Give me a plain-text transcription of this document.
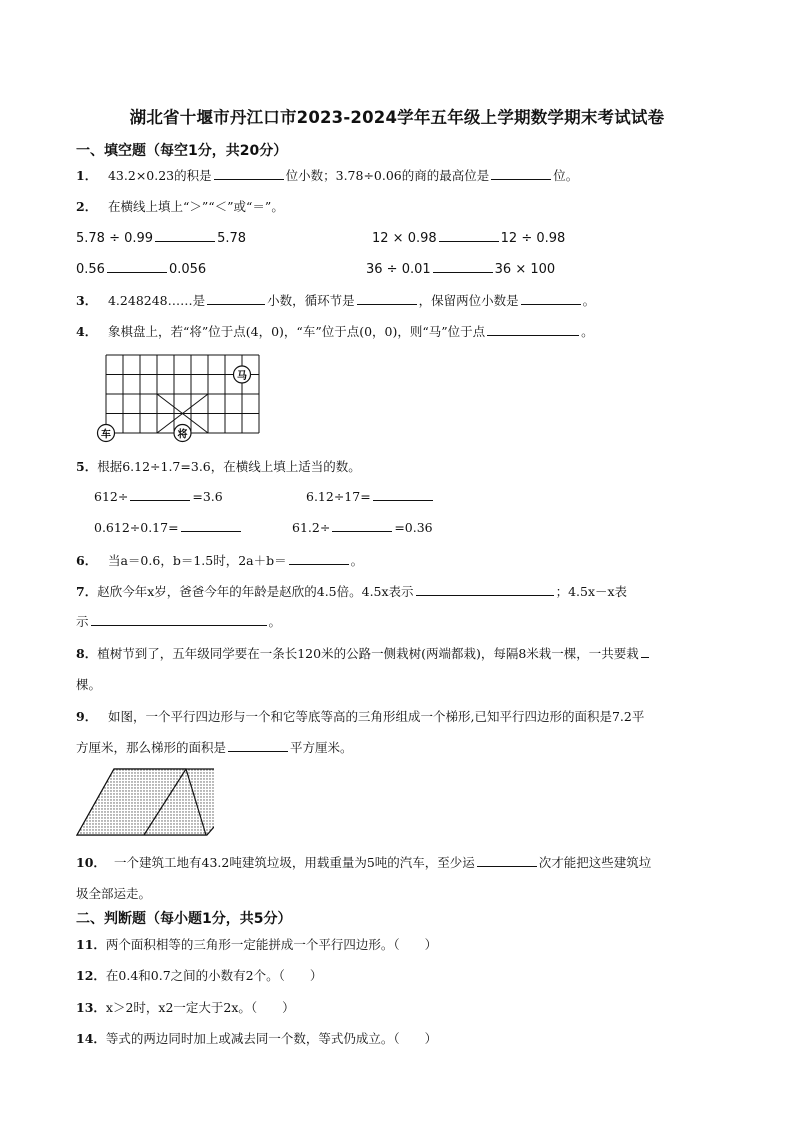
湖北省十堰市丹江口市2023-2024学年五年级上学期数学期末考试试卷
一、填空题（每空1分，共20分）
1． 43.2×0.23的积是	位小数；3.78÷0.06的商的最高位是	位。
2． 在横线上填上“＞”“＜”或“＝”。
5.78 ÷ 0.99	5.78	12 × 0.98	12 ÷ 0.98
0.56	0.056	36 ÷ 0.01	36 × 100
3． 4.248248……是	小数，循环节是	，保留两位小数是	。
4． 象棋盘上，若“将”位于点(4，0)，“车”位于点(0，0)，则“马”位于点	。
马
车	将
5．根据6.12÷1.7=3.6，在横线上填上适当的数。
612÷	=3.6	6.12÷17=
0.612÷0.17=	61.2÷	=0.36
6． 当a＝0.6，b＝1.5时，2a＋b＝	。
7．赵欣今年x岁，爸爸今年的年龄是赵欣的4.5倍。4.5x表示	；4.5x－x表
示	。
8．植树节到了，五年级同学要在一条长120米的公路一侧栽树(两端都栽)，每隔8米栽一棵，一共要栽
棵。
9． 如图，一个平行四边形与一个和它等底等高的三角形组成一个梯形,已知平行四边形的面积是7.2平
方厘米，那么梯形的面积是	平方厘米。
10． 一个建筑工地有43.2吨建筑垃圾，用载重量为5吨的汽车，至少运	次才能把这些建筑垃
圾全部运走。
二、判断题（每小题1分，共5分）
11．两个面积相等的三角形一定能拼成一个平行四边形。（　　）
12．在0.4和0.7之间的小数有2个。（　　）
13．x＞2时，x2一定大于2x。（　　）
14．等式的两边同时加上或减去同一个数，等式仍成立。（　　）
